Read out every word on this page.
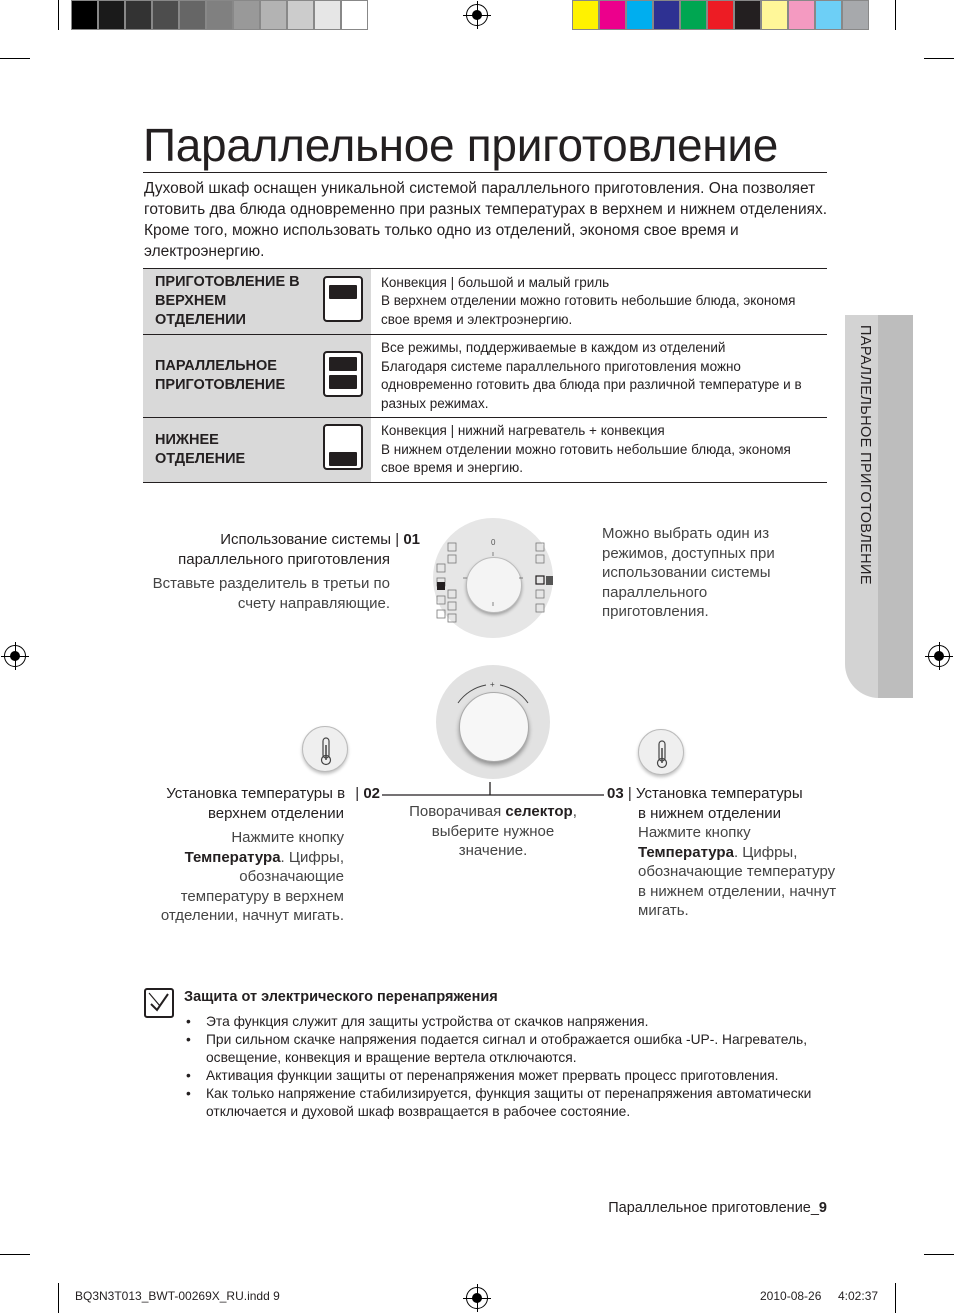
Параллельное приготовление
Духовой шкаф оснащен уникальной системой параллельного приготовления. Она позволяет готовить два блюда одновременно при разных температурах в верхнем и нижнем отделениях. Кроме того, можно использовать только одно из отделений, экономя свое время и электроэнергию.
ПРИГОТОВЛЕНИЕ В ВЕРХНЕМ ОТДЕЛЕНИИ		Конвекция | большой и малый гриль
В верхнем отделении можно готовить небольшие блюда, экономя свое время и электроэнергию.

ПАРАЛЛЕЛЬНОЕ ПРИГОТОВЛЕНИЕ		Все режимы, поддерживаемые в каждом из отделений
Благодаря системе параллельного приготовления можно одновременно готовить два блюда при различной температуре и в разных режимах.

НИЖНЕЕ ОТДЕЛЕНИЕ		Конвекция | нижний нагреватель + конвекция
В нижнем отделении можно готовить небольшие блюда, экономя свое время и энергию.	ПАРАЛЛЕЛЬНОЕ ПРИГОТОВЛЕНИЕ
Использование системы | 01
параллельного приготовления
Вставьте разделитель в третьи по счету направляющие.
0
Можно выбрать один из режимов, доступных при использовании системы параллельного приготовления.
+
Установка температуры в | 02
верхнем отделении
Нажмите кнопку Температура. Цифры, обозначающие температуру в верхнем отделении, начнут мигать.
Поворачивая селектор, выберите нужное значение.
03 | Установка температуры
в нижнем отделении
Нажмите кнопку Температура. Цифры, обозначающие температуру в нижнем отделении, начнут мигать.
Защита от электрического перенапряжения
• Эта функция служит для защиты устройства от скачков напряжения.
• При сильном скачке напряжения подается сигнал и отображается ошибка -UP-. Нагреватель, освещение, конвекция и вращение вертела отключаются.
• Активация функции защиты от перенапряжения может прервать процесс приготовления.
• Как только напряжение стабилизируется, функция защиты от перенапряжения автоматически отключается и духовой шкаф возвращается в рабочее состояние.
Параллельное приготовление_9
BQ3N3T013_BWT-00269X_RU.indd 9	2010-08-26 4:02:37
